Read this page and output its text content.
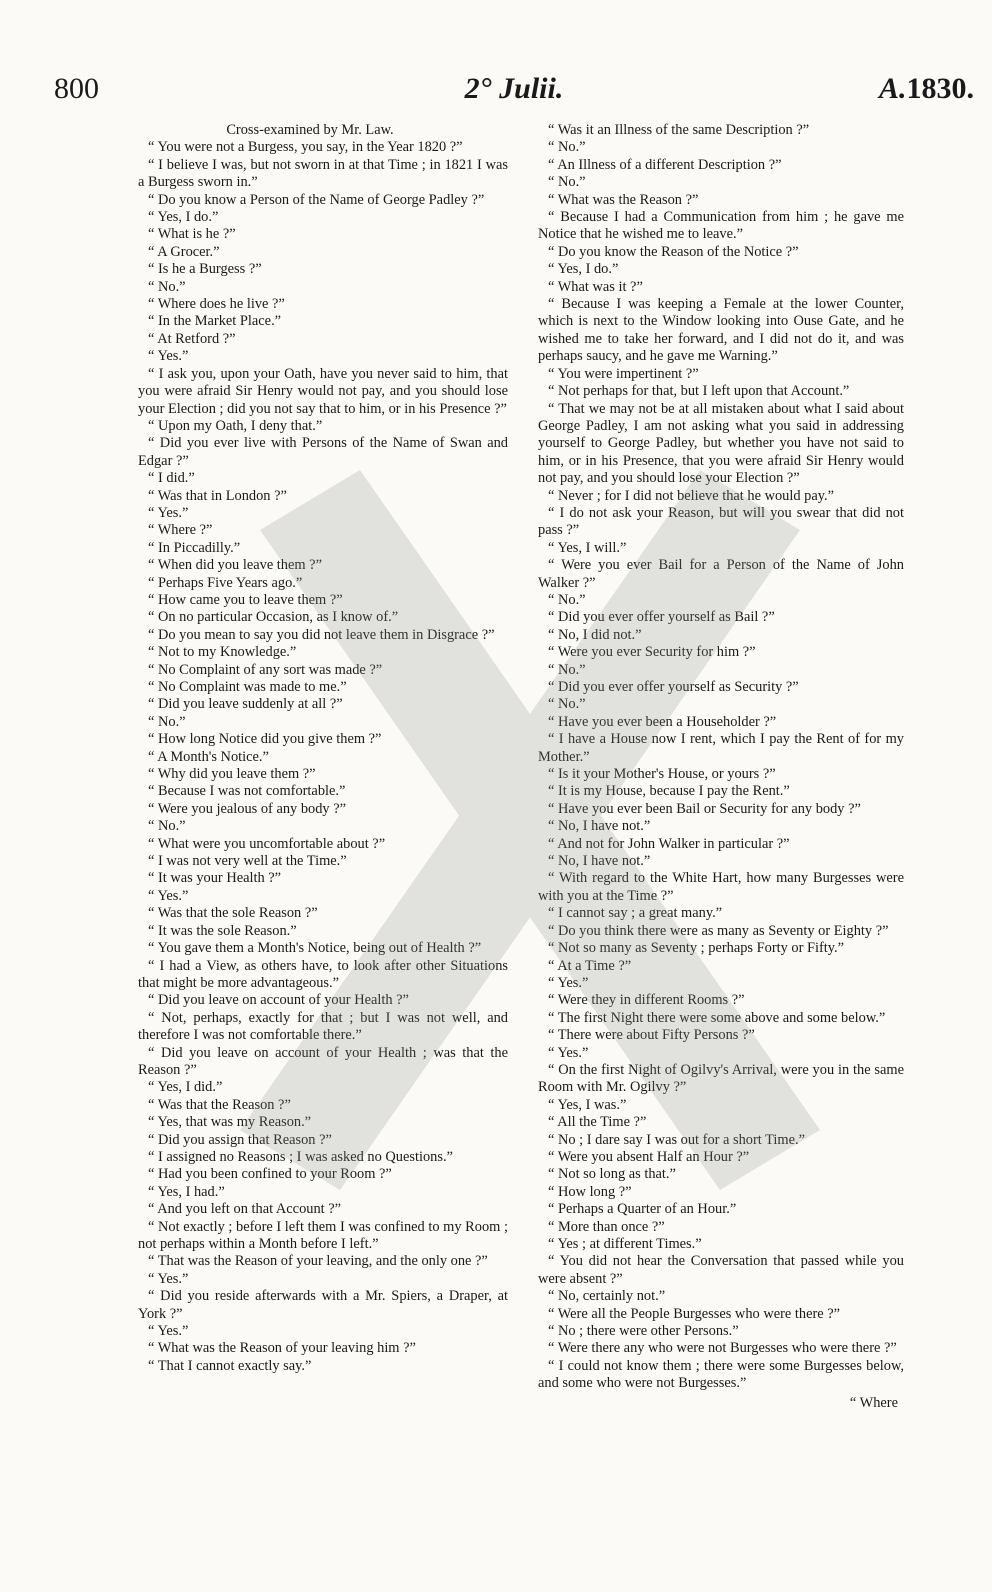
800	2° Julii.	A.1830.

Cross-examined by Mr. Law.

“ You were not a Burgess, you say, in the Year 1820 ?”

“ I believe I was, but not sworn in at that Time ; in 1821 I was a Burgess sworn in.”

“ Do you know a Person of the Name of George Padley ?”

“ Yes, I do.”

“ What is he ?”

“ A Grocer.”

“ Is he a Burgess ?”

“ No.”

“ Where does he live ?”

“ In the Market Place.”

“ At Retford ?”

“ Yes.”

“ I ask you, upon your Oath, have you never said to him, that you were afraid Sir Henry would not pay, and you should lose your Election ; did you not say that to him, or in his Presence ?”

“ Upon my Oath, I deny that.”

“ Did you ever live with Persons of the Name of Swan and Edgar ?”

“ I did.”

“ Was that in London ?”

“ Yes.”

“ Where ?”

“ In Piccadilly.”

“ When did you leave them ?”

“ Perhaps Five Years ago.”

“ How came you to leave them ?”

“ On no particular Occasion, as I know of.”

“ Do you mean to say you did not leave them in Disgrace ?”

“ Not to my Knowledge.”

“ No Complaint of any sort was made ?”

“ No Complaint was made to me.”

“ Did you leave suddenly at all ?”

“ No.”

“ How long Notice did you give them ?”

“ A Month's Notice.”

“ Why did you leave them ?”

“ Because I was not comfortable.”

“ Were you jealous of any body ?”

“ No.”

“ What were you uncomfortable about ?”

“ I was not very well at the Time.”

“ It was your Health ?”

“ Yes.”

“ Was that the sole Reason ?”

“ It was the sole Reason.”

“ You gave them a Month's Notice, being out of Health ?”

“ I had a View, as others have, to look after other Situations that might be more advantageous.”

“ Did you leave on account of your Health ?”

“ Not, perhaps, exactly for that ; but I was not well, and therefore I was not comfortable there.”

“ Did you leave on account of your Health ; was that the Reason ?”

“ Yes, I did.”

“ Was that the Reason ?”

“ Yes, that was my Reason.”

“ Did you assign that Reason ?”

“ I assigned no Reasons ; I was asked no Questions.”

“ Had you been confined to your Room ?”

“ Yes, I had.”

“ And you left on that Account ?”

“ Not exactly ; before I left them I was confined to my Room ; not perhaps within a Month before I left.”

“ That was the Reason of your leaving, and the only one ?”

“ Yes.”

“ Did you reside afterwards with a Mr. Spiers, a Draper, at York ?”

“ Yes.”

“ What was the Reason of your leaving him ?”

“ That I cannot exactly say.”

“ Was it an Illness of the same Description ?”

“ No.”

“ An Illness of a different Description ?”

“ No.”

“ What was the Reason ?”

“ Because I had a Communication from him ; he gave me Notice that he wished me to leave.”

“ Do you know the Reason of the Notice ?”

“ Yes, I do.”

“ What was it ?”

“ Because I was keeping a Female at the lower Counter, which is next to the Window looking into Ouse Gate, and he wished me to take her forward, and I did not do it, and was perhaps saucy, and he gave me Warning.”

“ You were impertinent ?”

“ Not perhaps for that, but I left upon that Account.”

“ That we may not be at all mistaken about what I said about George Padley, I am not asking what you said in addressing yourself to George Padley, but whether you have not said to him, or in his Presence, that you were afraid Sir Henry would not pay, and you should lose your Election ?”

“ Never ; for I did not believe that he would pay.”

“ I do not ask your Reason, but will you swear that did not pass ?”

“ Yes, I will.”

“ Were you ever Bail for a Person of the Name of John Walker ?”

“ No.”

“ Did you ever offer yourself as Bail ?”

“ No, I did not.”

“ Were you ever Security for him ?”

“ No.”

“ Did you ever offer yourself as Security ?”

“ No.”

“ Have you ever been a Householder ?”

“ I have a House now I rent, which I pay the Rent of for my Mother.”

“ Is it your Mother's House, or yours ?”

“ It is my House, because I pay the Rent.”

“ Have you ever been Bail or Security for any body ?”

“ No, I have not.”

“ And not for John Walker in particular ?”

“ No, I have not.”

“ With regard to the White Hart, how many Burgesses were with you at the Time ?”

“ I cannot say ; a great many.”

“ Do you think there were as many as Seventy or Eighty ?”

“ Not so many as Seventy ; perhaps Forty or Fifty.”

“ At a Time ?”

“ Yes.”

“ Were they in different Rooms ?”

“ The first Night there were some above and some below.”

“ There were about Fifty Persons ?”

“ Yes.”

“ On the first Night of Ogilvy's Arrival, were you in the same Room with Mr. Ogilvy ?”

“ Yes, I was.”

“ All the Time ?”

“ No ; I dare say I was out for a short Time.”

“ Were you absent Half an Hour ?”

“ Not so long as that.”

“ How long ?”

“ Perhaps a Quarter of an Hour.”

“ More than once ?”

“ Yes ; at different Times.”

“ You did not hear the Conversation that passed while you were absent ?”

“ No, certainly not.”

“ Were all the People Burgesses who were there ?”

“ No ; there were other Persons.”

“ Were there any who were not Burgesses who were there ?”

“ I could not know them ; there were some Burgesses below, and some who were not Burgesses.”

“ Where
